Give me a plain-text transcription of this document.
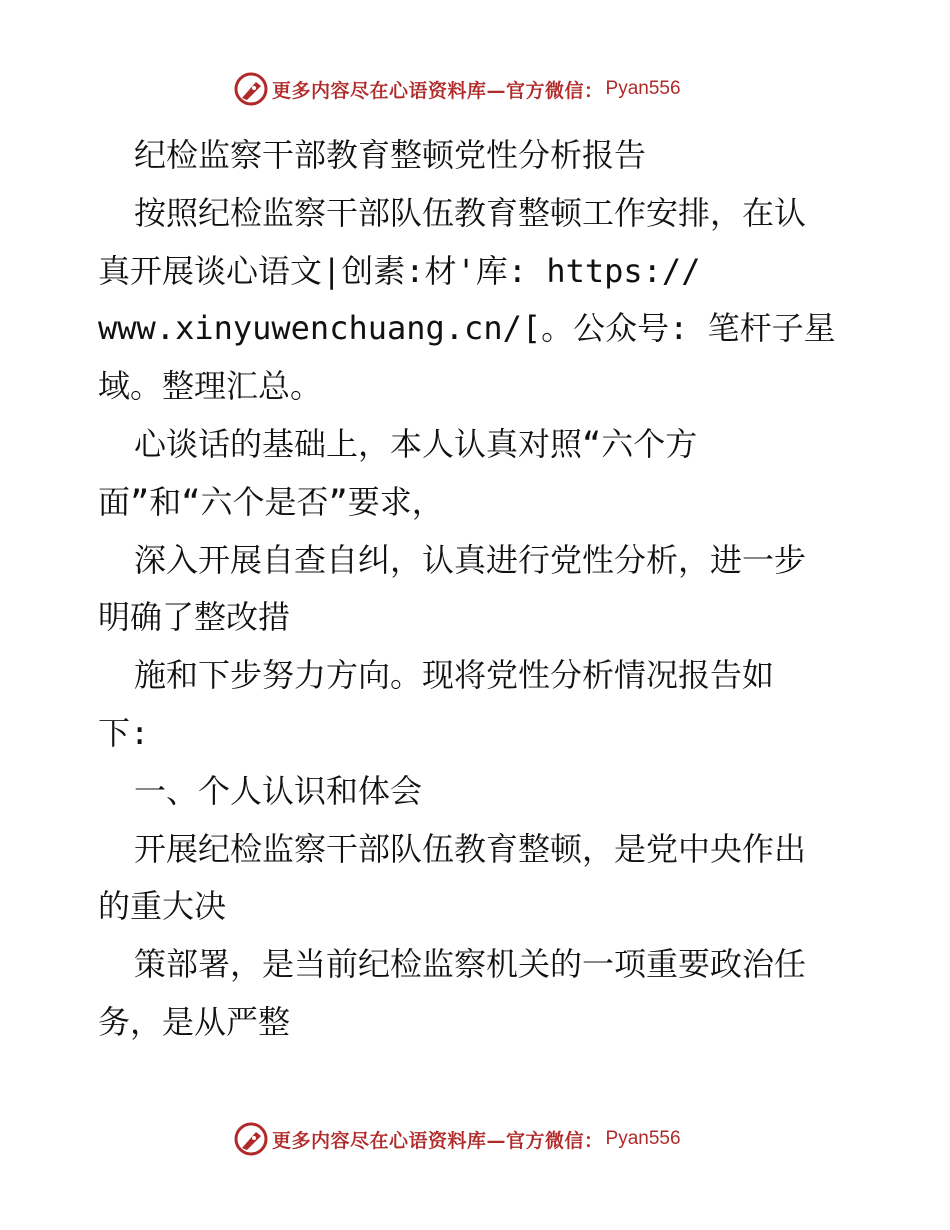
更多内容尽在心语资料库—官方微信： Pyan556
纪检监察干部教育整顿党性分析报告
按照纪检监察干部队伍教育整顿工作安排，在认
真开展谈心语文|创素:材'库: https://
www.xinyuwenchuang.cn/[。公众号: 笔杆子星
域。整理汇总。
心谈话的基础上，本人认真对照“六个方
面”和“六个是否”要求，
深入开展自查自纠，认真进行党性分析，进一步
明确了整改措
施和下步努力方向。现将党性分析情况报告如
下:
一、个人认识和体会
开展纪检监察干部队伍教育整顿，是党中央作出
的重大决
策部署，是当前纪检监察机关的一项重要政治任
务，是从严整
更多内容尽在心语资料库—官方微信： Pyan556
